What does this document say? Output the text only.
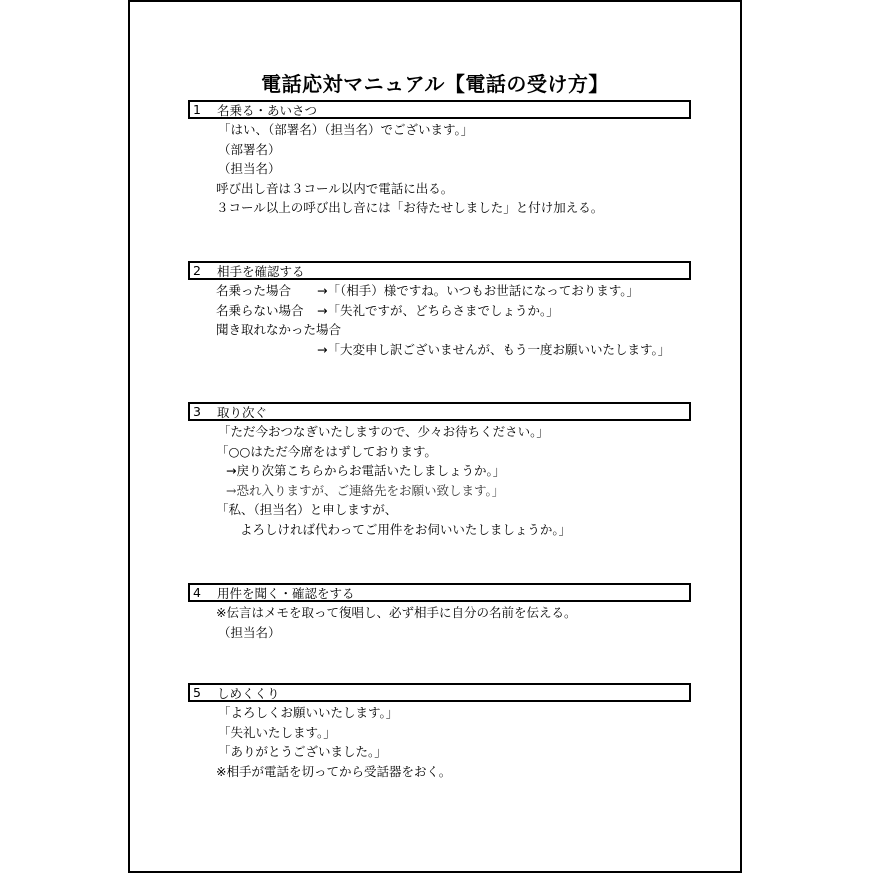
電話応対マニュアル【電話の受け方】
1	名乗る・あいさつ
「はい、（部署名）（担当名）でございます。」
（部署名）
（担当名）
呼び出し音は３コール以内で電話に出る。
３コール以上の呼び出し音には「お待たせしました」と付け加える。
2	相手を確認する
名乗った場合 →「（相手）様ですね。いつもお世話になっております。」
名乗らない場合 →「失礼ですが、どちらさまでしょうか。」
聞き取れなかった場合
→「大変申し訳ございませんが、もう一度お願いいたします。」
3	取り次ぐ
「ただ今おつなぎいたしますので、少々お待ちください。」
「○○はただ今席をはずしております。
→戻り次第こちらからお電話いたしましょうか。」
→恐れ入りますが、ご連絡先をお願い致します。」
「私、（担当名）と申しますが、
よろしければ代わってご用件をお伺いいたしましょうか。」
4	用件を聞く・確認をする
※伝言はメモを取って復唱し、必ず相手に自分の名前を伝える。
（担当名）
5	しめくくり
「よろしくお願いいたします。」
「失礼いたします。」
「ありがとうございました。」
※相手が電話を切ってから受話器をおく。
